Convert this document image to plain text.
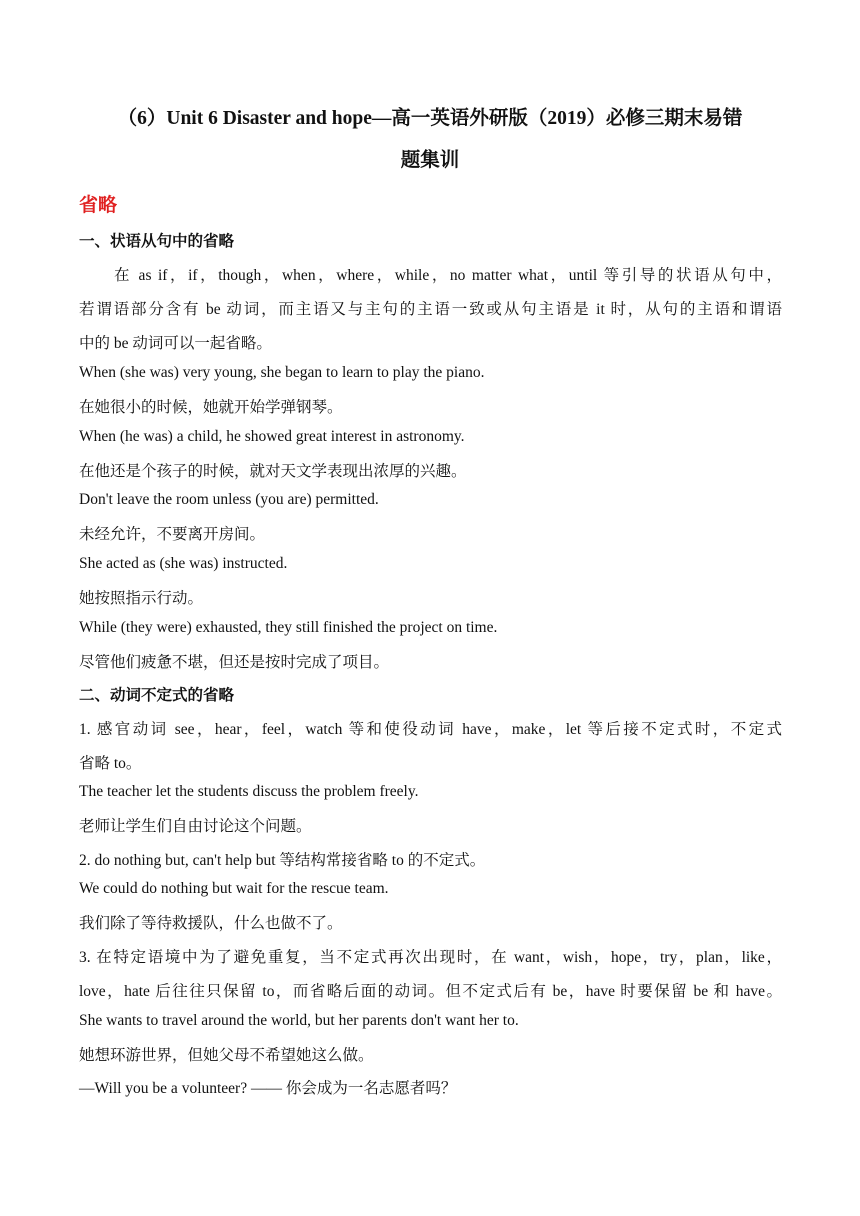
（6）Unit 6 Disaster and hope—高一英语外研版（2019）必修三期末易错
题集训
省略
一、状语从句中的省略
在 as if，if，though，when，where，while，no matter what，until 等引导的状语从句中，
若谓语部分含有 be 动词，而主语又与主句的主语一致或从句主语是 it 时，从句的主语和谓语
中的 be 动词可以一起省略。
When (she was) very young, she began to learn to play the piano.
在她很小的时候，她就开始学弹钢琴。
When (he was) a child, he showed great interest in astronomy.
在他还是个孩子的时候，就对天文学表现出浓厚的兴趣。
Don't leave the room unless (you are) permitted.
未经允许，不要离开房间。
She acted as (she was) instructed.
她按照指示行动。
While (they were) exhausted, they still finished the project on time.
尽管他们疲惫不堪，但还是按时完成了项目。
二、动词不定式的省略
1. 感官动词 see，hear，feel，watch 等和使役动词 have，make，let 等后接不定式时，不定式
省略 to。
The teacher let the students discuss the problem freely.
老师让学生们自由讨论这个问题。
2. do nothing but, can't help but 等结构常接省略 to 的不定式。
We could do nothing but wait for the rescue team.
我们除了等待救援队，什么也做不了。
3. 在特定语境中为了避免重复，当不定式再次出现时，在 want，wish，hope，try，plan，like，
love，hate 后往往只保留 to，而省略后面的动词。但不定式后有 be，have 时要保留 be 和 have。
She wants to travel around the world, but her parents don't want her to.
她想环游世界，但她父母不希望她这么做。
—Will you be a volunteer? —— 你会成为一名志愿者吗？
